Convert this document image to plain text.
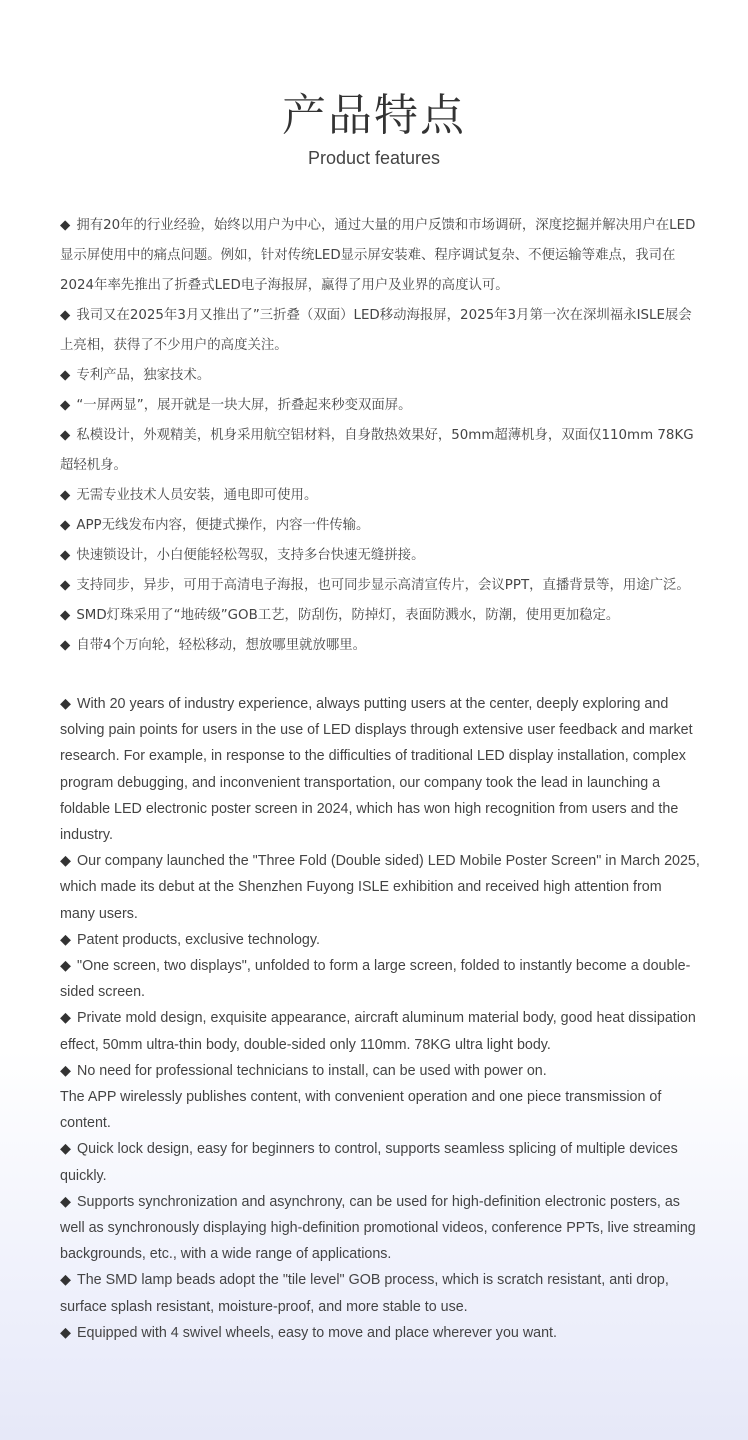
产品特点
Product features

◆ 拥有20年的行业经验，始终以用户为中心，通过大量的用户反馈和市场调研，深度挖掘并解决用户在LED显示屏使用中的痛点问题。例如，针对传统LED显示屏安装难、程序调试复杂、不便运输等难点，我司在2024年率先推出了折叠式LED电子海报屏，赢得了用户及业界的高度认可。

◆ 我司又在2025年3月又推出了”三折叠（双面）LED移动海报屏，2025年3月第一次在深圳福永ISLE展会上亮相，获得了不少用户的高度关注。

◆ 专利产品，独家技术。

◆ “一屏两显”，展开就是一块大屏，折叠起来秒变双面屏。

◆ 私模设计，外观精美，机身采用航空铝材料，自身散热效果好，50mm超薄机身，双面仅110mm 78KG超轻机身。

◆ 无需专业技术人员安装，通电即可使用。

◆ APP无线发布内容，便捷式操作，内容一件传输。

◆ 快速锁设计，小白便能轻松驾驭，支持多台快速无缝拼接。

◆ 支持同步，异步，可用于高清电子海报，也可同步显示高清宣传片，会议PPT，直播背景等，用途广泛。

◆ SMD灯珠采用了“地砖级”GOB工艺，防刮伤，防掉灯，表面防溅水，防潮，使用更加稳定。

◆ 自带4个万向轮，轻松移动，想放哪里就放哪里。

◆ With 20 years of industry experience, always putting users at the center, deeply exploring and solving pain points for users in the use of LED displays through extensive user feedback and market research. For example, in response to the difficulties of traditional LED display installation, complex program debugging, and inconvenient transportation, our company took the lead in launching a foldable LED electronic poster screen in 2024, which has won high recognition from users and the industry.

◆ Our company launched the "Three Fold (Double sided) LED Mobile Poster Screen" in March 2025, which made its debut at the Shenzhen Fuyong ISLE exhibition and received high attention from many users.

◆ Patent products, exclusive technology.

◆ "One screen, two displays", unfolded to form a large screen, folded to instantly become a double-sided screen.

◆ Private mold design, exquisite appearance, aircraft aluminum material body, good heat dissipation effect, 50mm ultra-thin body, double-sided only 110mm. 78KG ultra light body.

◆ No need for professional technicians to install, can be used with power on.

The APP wirelessly publishes content, with convenient operation and one piece transmission of content.

◆ Quick lock design, easy for beginners to control, supports seamless splicing of multiple devices quickly.

◆ Supports synchronization and asynchrony, can be used for high-definition electronic posters, as well as synchronously displaying high-definition promotional videos, conference PPTs, live streaming backgrounds, etc., with a wide range of applications.

◆ The SMD lamp beads adopt the "tile level" GOB process, which is scratch resistant, anti drop, surface splash resistant, moisture-proof, and more stable to use.

◆ Equipped with 4 swivel wheels, easy to move and place wherever you want.
